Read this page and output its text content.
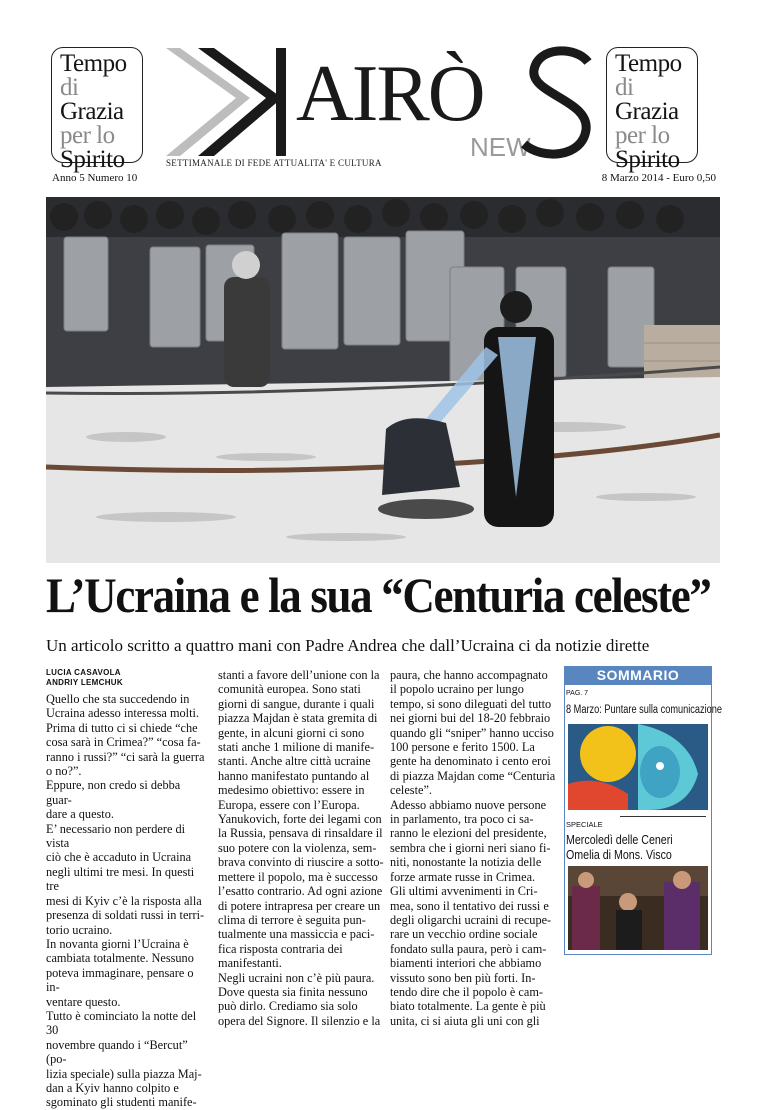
Tempo
di
Grazia
per lo
Spirito
Tempo
di
Grazia
per lo
Spirito
AIRÒ
NEW
SETTIMANALE DI FEDE ATTUALITA' E CULTURA
Anno 5 Numero 10	8 Marzo 2014 - Euro 0,50
L’Ucraina e la sua “Centuria celeste”
Un articolo scritto a quattro mani con Padre Andrea che dall’Ucraina ci da notizie dirette
LUCIA CASAVOLA
ANDRIY LEMCHUK

Quello che sta succedendo in

Ucraina adesso interessa molti.

Prima di tutto ci si chiede “che

cosa sarà in Crimea?” “cosa fa-

ranno i russi?” “ci sarà la guerra

o no?”.

Eppure, non credo si debba guar-

dare a questo.

E’ necessario non perdere di vista

ciò che è accaduto in Ucraina

negli ultimi tre mesi. In questi tre

mesi di Kyiv c’è la risposta alla

presenza di soldati russi in terri-

torio ucraino.

In novanta giorni l’Ucraina è

cambiata totalmente. Nessuno

poteva immaginare, pensare o in-

ventare questo.

Tutto è cominciato la notte del 30

novembre quando i “Bercut” (po-

lizia speciale) sulla piazza Maj-

dan a Kyiv hanno colpito e

sgominato gli studenti manife-

stanti a favore dell’unione con la

comunità europea. Sono stati

giorni di sangue, durante i quali

piazza Majdan è stata gremita di

gente, in alcuni giorni ci sono

stati anche 1 milione di manife-

stanti. Anche altre città ucraine

hanno manifestato puntando al

medesimo obiettivo: essere in

Europa, essere con l’Europa.

Yanukovich, forte dei legami con

la Russia, pensava di rinsaldare il

suo potere con la violenza, sem-

brava convinto di riuscire a sotto-

mettere il popolo, ma è successo

l’esatto contrario. Ad ogni azione

di potere intrapresa per creare un

clima di terrore è seguita pun-

tualmente una massiccia e paci-

fica risposta contraria dei

manifestanti.

Negli ucraini non c’è più paura.

Dove questa sia finita nessuno

può dirlo. Crediamo sia solo

opera del Signore. Il silenzio e la

paura, che hanno accompagnato

il popolo ucraino per lungo

tempo, si sono dileguati del tutto

nei giorni bui del 18-20 febbraio

quando gli “sniper” hanno ucciso

100 persone e ferito 1500. La

gente ha denominato i cento eroi

di piazza Majdan come “Centuria

celeste”.

Adesso abbiamo nuove persone

in parlamento, tra poco ci sa-

ranno le elezioni del presidente,

sembra che i giorni neri siano fi-

niti, nonostante la notizia delle

forze armate russe in Crimea.

Gli ultimi avvenimenti in Cri-

mea, sono il tentativo dei russi e

degli oligarchi ucraini di recupe-

rare un vecchio ordine sociale

fondato sulla paura, però i cam-

biamenti interiori che abbiamo

vissuto sono ben più forti. In-

tendo dire che il popolo è cam-

biato totalmente. La gente è più

unita, ci si aiuta gli uni con gli

SOMMARIO
PAG. 7
8 Marzo: Puntare sulla comunicazione
SPECIALE
Mercoledì delle Ceneri
Omelia di Mons. Visco
